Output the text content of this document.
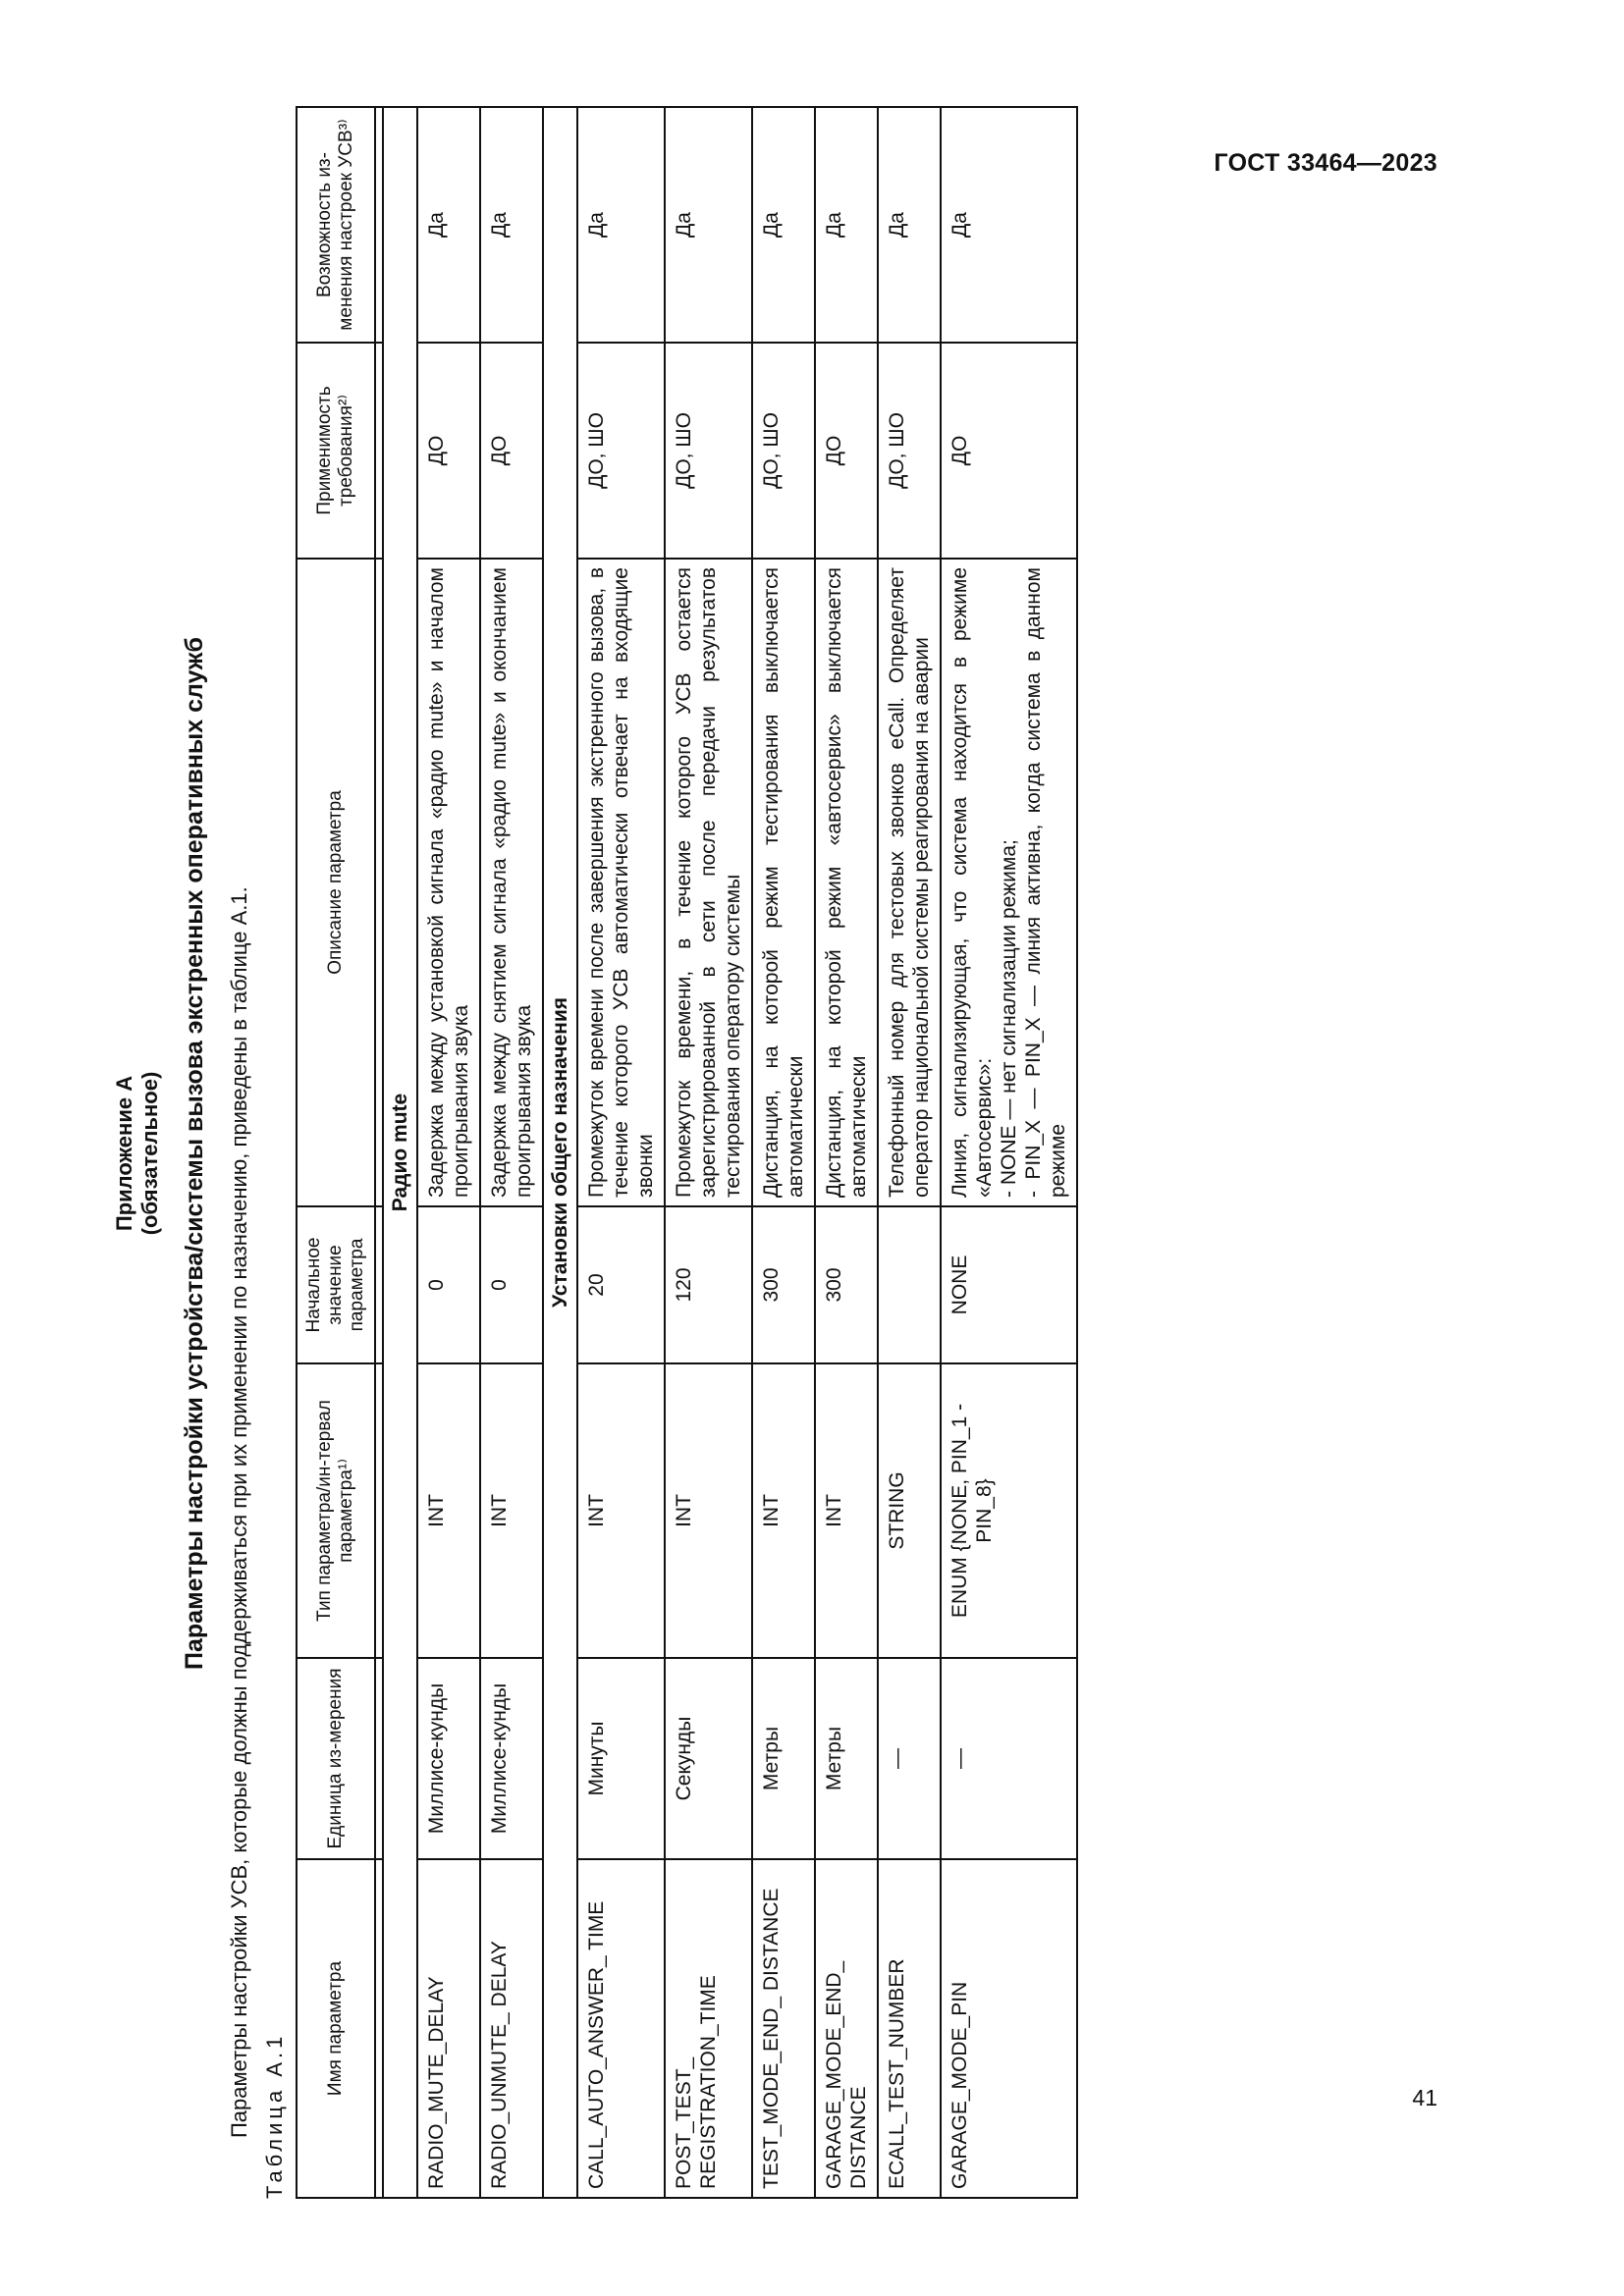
ГОСТ 33464—2023
Приложение А (обязательное) Параметры настройки устройства/системы вызова экстренных оперативных служб Параметры настройки УСВ, которые должны поддерживаться при их применении по назначению, приведены в таблице А.1. Таблица А.1
Имя параметра	Единица из-мерения	Тип параметра/ин-тервал параметра¹⁾	Начальное значение параметра	Описание параметра	Применимость требования²⁾	Возможность из-менения настроек УСВ³⁾

Радио mute						
RADIO_MUTE_DELAY	Миллисе-кунды	INT	0	Задержка между установкой сигнала «радио mute» и началом проигрывания звука	ДО	Да
RADIO_UNMUTE_ DELAY	Миллисе-кунды	INT	0	Задержка между снятием сигнала «радио mute» и окончанием проигрывания звука	ДО	Да
Установки общего назначения						
CALL_AUTO_ANSWER_ TIME	Минуты	INT	20	Промежуток времени после завершения экстренного вызова, в течение которого УСВ автоматически отвечает на входящие звонки	ДО, ШО	Да
POST_TEST_ REGISTRATION_TIME	Секунды	INT	120	Промежуток времени, в течение которого УСВ остается зарегистрированной в сети после передачи результатов тестирования оператору системы	ДО, ШО	Да
TEST_MODE_END_ DISTANCE	Метры	INT	300	Дистанция, на которой режим тестирования выключается автоматически	ДО, ШО	Да
GARAGE_MODE_END_ DISTANCE	Метры	INT	300	Дистанция, на которой режим «автосервис» выключается автоматически	ДО	Да
ECALL_TEST_NUMBER	—	STRING		Телефонный номер для тестовых звонков eCall. Определяет оператор национальной системы реагирования на аварии	ДО, ШО	Да
GARAGE_MODE_PIN	—	ENUM {NONE, PIN_1 - PIN_8}	NONE	Линия, сигнализирующая, что система находится в режиме «Автосервис»: - NONE — нет сигнализации режима; - PIN_X — PIN_X — линия активна, когда система в данном режиме	ДО	Да
41
